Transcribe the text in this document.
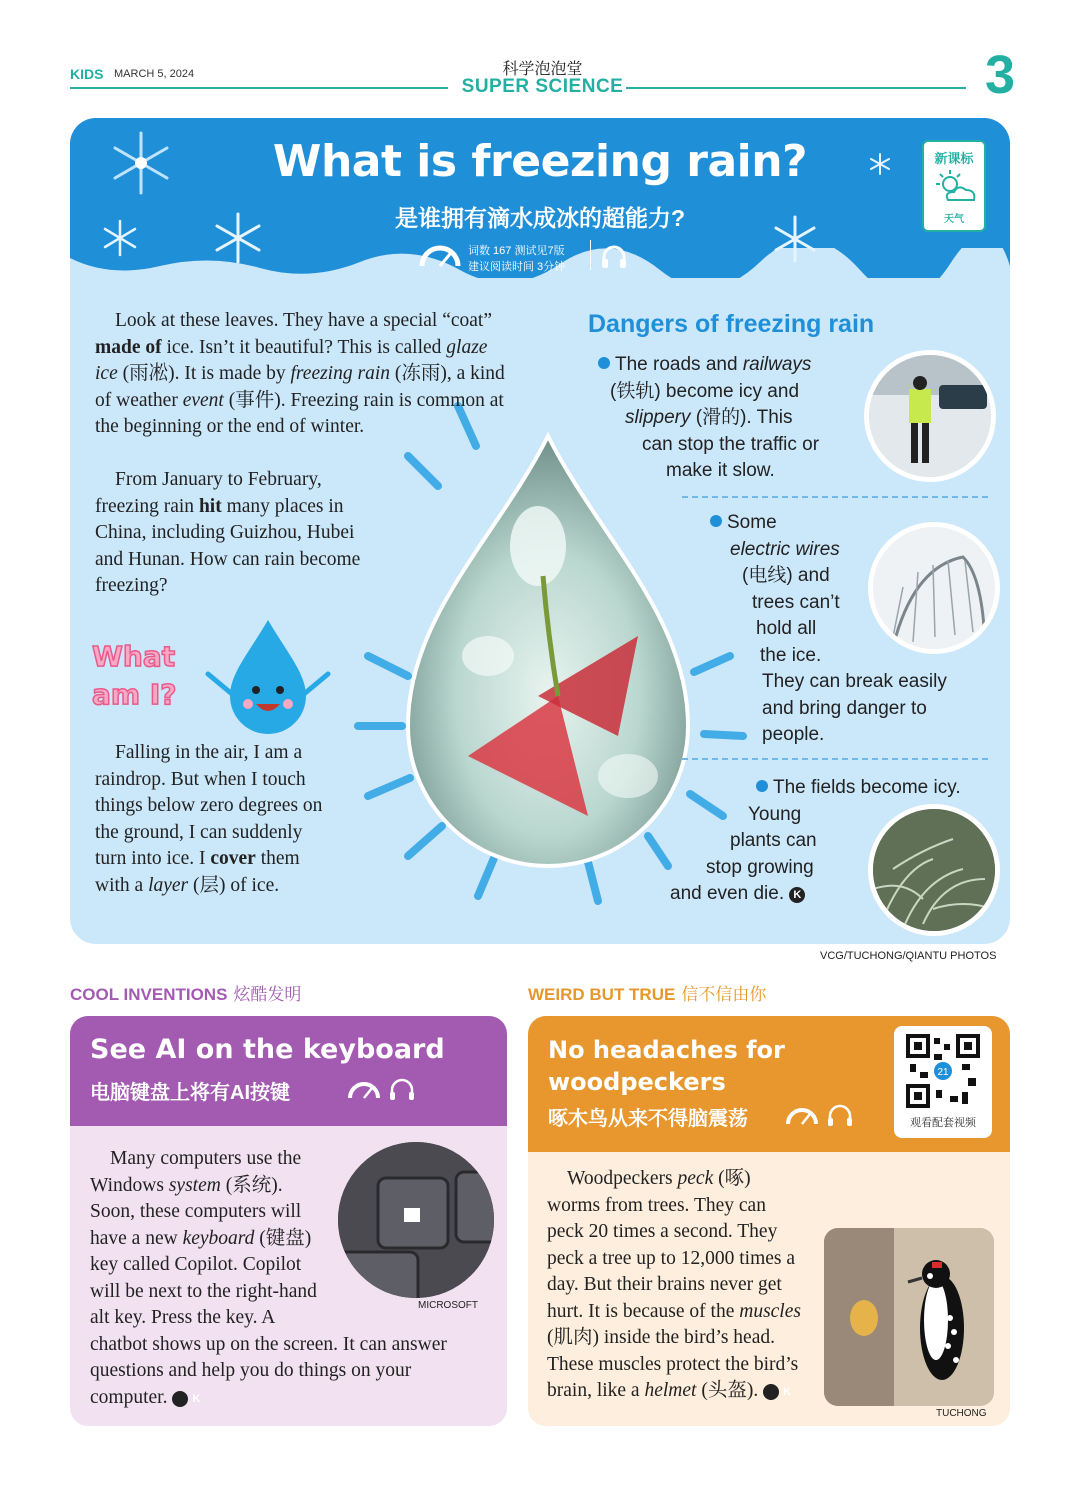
KIDS MARCH 5, 2024	科学泡泡堂
SUPER SCIENCE	3
What is freezing rain?
是谁拥有滴水成冰的超能力?
词数 167 测试见7版
建议阅读时间 3分钟
新课标
天气

Look at these leaves. They have a special “coat” made of ice. Isn’t it beautiful? This is called glaze ice (雨凇). It is made by freezing rain (冻雨), a kind of weather event (事件). Freezing rain is common at the beginning or the end of winter.

From January to February, freezing rain hit many places in China, including Guizhou, Hubei and Hunan. How can rain become freezing?

What am I?

Falling in the air, I am a raindrop. But when I touch things below zero degrees on the ground, I can suddenly turn into ice. I cover them with a layer (层) of ice.

Dangers of freezing rain
The roads and railways
(铁轨) become icy and
slippery (滑的). This
can stop the traffic or
make it slow.
Some
electric wires
(电线) and
trees can’t
hold all
the ice.
They can break easily
and bring danger to
people.
The fields become icy.
Young
plants can
stop growing
and even die. K
VCG/TUCHONG/QIANTU PHOTOS
COOL INVENTIONS 炫酷发明	WEIRD BUT TRUE 信不信由你
See AI on the keyboard
电脑键盘上将有AI按键
MICROSOFT
No headaches for
woodpeckers
啄木鸟从来不得脑震荡
21
观看配套视频
TUCHONG

Many computers use the Windows system (系统). Soon, these computers will have a new keyboard (键盘) key called Copilot. Copilot will be next to the right-hand alt key. Press the key. A chatbot shows up on the screen. It can answer questions and help you do things on your computer. K

Woodpeckers peck (啄) worms from trees. They can peck 20 times a second. They peck a tree up to 12,000 times a day. But their brains never get hurt. It is because of the muscles (肌肉) inside the bird’s head. These muscles protect the bird’s brain, like a helmet (头盔). K
